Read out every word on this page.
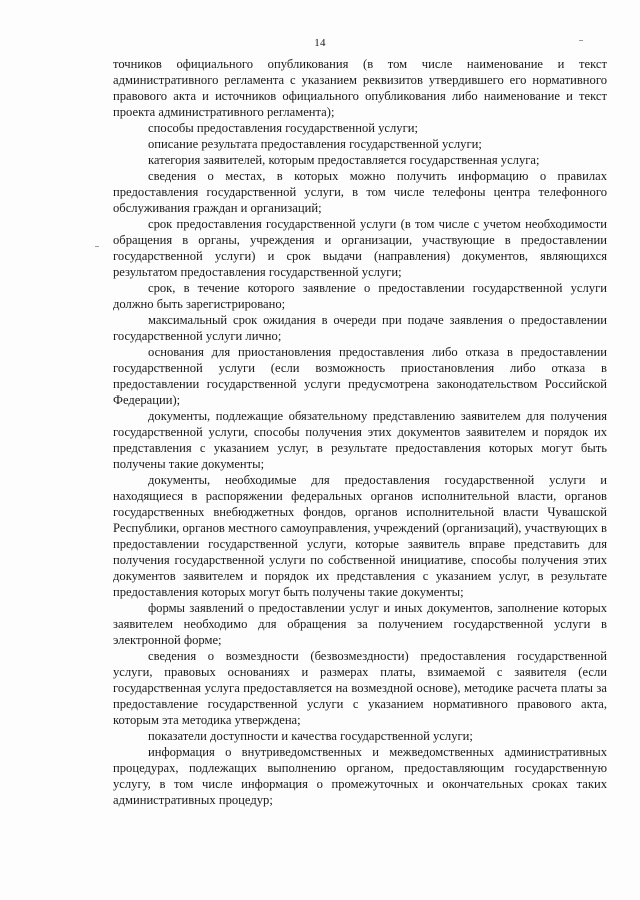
14

точников официального опубликования (в том числе наименование и текст административного регламента с указанием реквизитов утвердившего его нормативного правового акта и источников официального опубликования либо наименование и текст проекта административного регламента);

способы предоставления государственной услуги;

описание результата предоставления государственной услуги;

категория заявителей, которым предоставляется государственная услуга;

сведения о местах, в которых можно получить информацию о правилах предоставления государственной услуги, в том числе телефоны центра телефонного обслуживания граждан и организаций;

срок предоставления государственной услуги (в том числе с учетом необходимости обращения в органы, учреждения и организации, участвующие в предоставлении государственной услуги) и срок выдачи (направления) документов, являющихся результатом предоставления государственной услуги;

срок, в течение которого заявление о предоставлении государственной услуги должно быть зарегистрировано;

максимальный срок ожидания в очереди при подаче заявления о предоставлении государственной услуги лично;

основания для приостановления предоставления либо отказа в предоставлении государственной услуги (если возможность приостановления либо отказа в предоставлении государственной услуги предусмотрена законодательством Российской Федерации);

документы, подлежащие обязательному представлению заявителем для получения государственной услуги, способы получения этих документов заявителем и порядок их представления с указанием услуг, в результате предоставления которых могут быть получены такие документы;

документы, необходимые для предоставления государственной услуги и находящиеся в распоряжении федеральных органов исполнительной власти, органов государственных внебюджетных фондов, органов исполнительной власти Чувашской Республики, органов местного самоуправления, учреждений (организаций), участвующих в предоставлении государственной услуги, которые заявитель вправе представить для получения государственной услуги по собственной инициативе, способы получения этих документов заявителем и порядок их представления с указанием услуг, в результате предоставления которых могут быть получены такие документы;

формы заявлений о предоставлении услуг и иных документов, заполнение которых заявителем необходимо для обращения за получением государственной услуги в электронной форме;

сведения о возмездности (безвозмездности) предоставления государственной услуги, правовых основаниях и размерах платы, взимаемой с заявителя (если государственная услуга предоставляется на возмездной основе), методике расчета платы за предоставление государственной услуги с указанием нормативного правового акта, которым эта методика утверждена;

показатели доступности и качества государственной услуги;

информация о внутриведомственных и межведомственных административных процедурах, подлежащих выполнению органом, предоставляющим государственную услугу, в том числе информация о промежуточных и окончательных сроках таких административных процедур;
